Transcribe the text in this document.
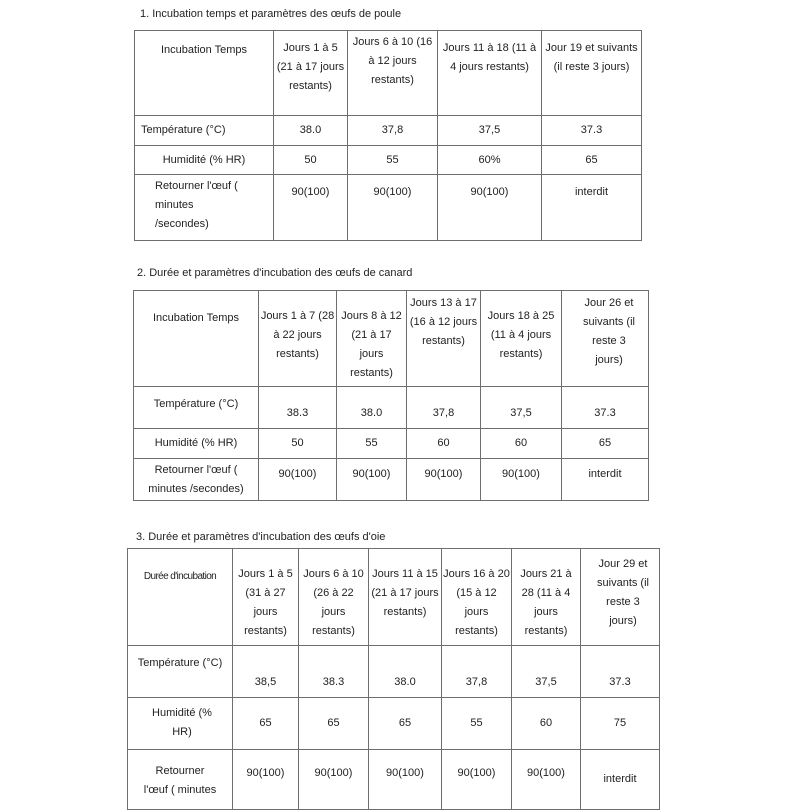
1. Incubation temps et paramètres des œufs de poule
Incubation Temps	Jours 1 à 5 (21 à 17 jours restants)	Jours 6 à 10 (16 à 12 jours restants)	Jours 11 à 18 (11 à 4 jours restants)	Jour 19 et suivants (il reste 3 jours)
Température (°C)	38.0	37,8	37,5	37.3
Humidité (% HR)	50	55	60%	65
Retourner l'œuf ( minutes /secondes)	90(100)	90(100)	90(100)	interdit
2. Durée et paramètres d'incubation des œufs de canard
Incubation Temps	Jours 1 à 7 (28 à 22 jours restants)	Jours 8 à 12 (21 à 17 jours restants)	Jours 13 à 17 (16 à 12 jours restants)	Jours 18 à 25 (11 à 4 jours restants)	Jour 26 et suivants (il reste 3 jours)
Température (°C)	38.3	38.0	37,8	37,5	37.3
Humidité (% HR)	50	55	60	60	65
Retourner l'œuf ( minutes /secondes)	90(100)	90(100)	90(100)	90(100)	interdit
3. Durée et paramètres d'incubation des œufs d'oie
Durée d'incubation	Jours 1 à 5 (31 à 27 jours restants)	Jours 6 à 10 (26 à 22 jours restants)	Jours 11 à 15 (21 à 17 jours restants)	Jours 16 à 20 (15 à 12 jours restants)	Jours 21 à 28 (11 à 4 jours restants)	Jour 29 et suivants (il reste 3 jours)
Température (°C)	38,5	38.3	38.0	37,8	37,5	37.3
Humidité (% HR)	65	65	65	55	60	75
Retourner l'œuf ( minutes	90(100)	90(100)	90(100)	90(100)	90(100)	interdit
